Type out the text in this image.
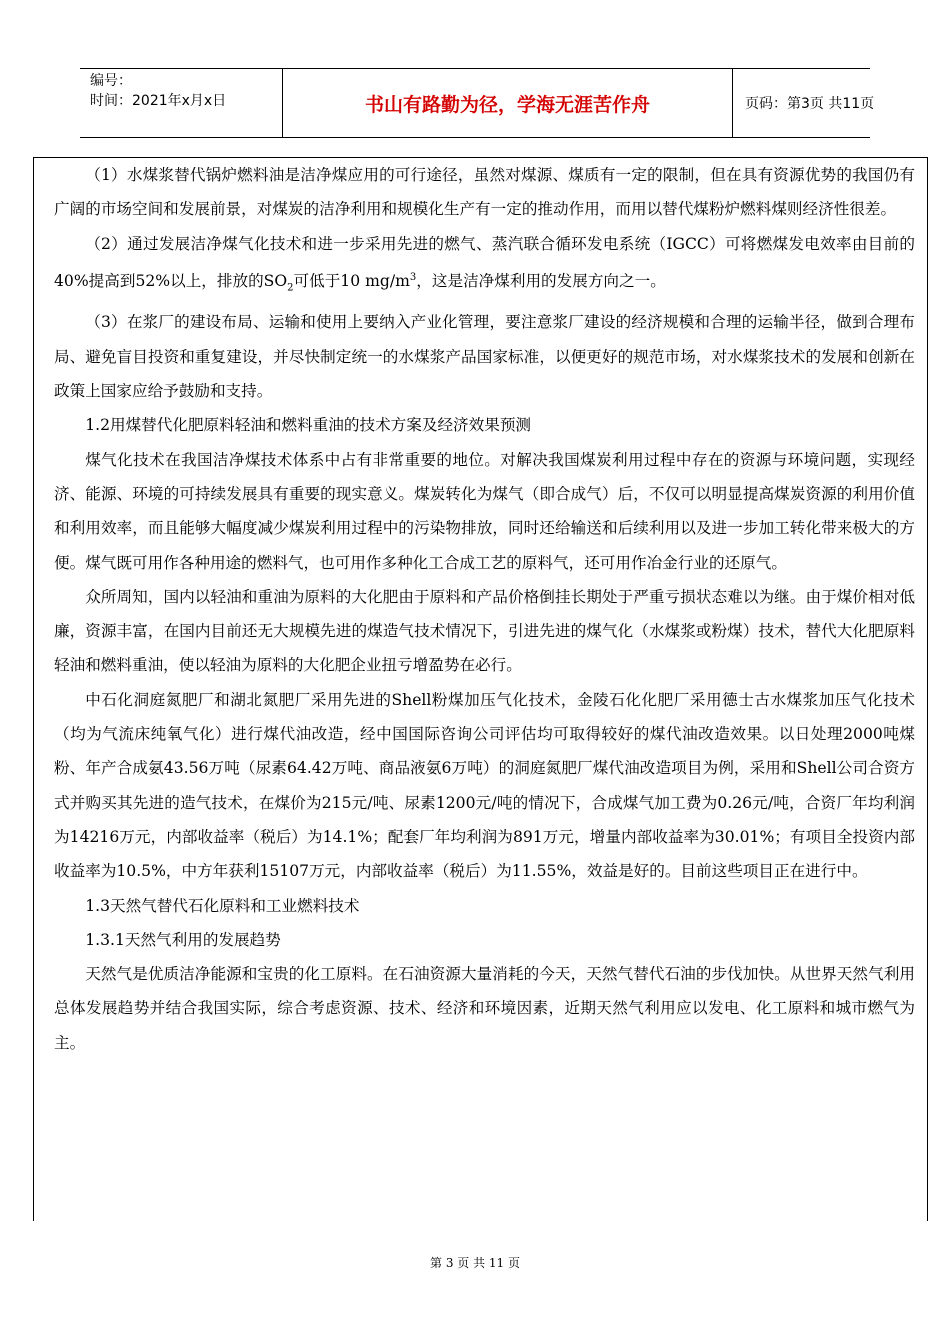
编号：
时间：2021年x月x日	书山有路勤为径，学海无涯苦作舟	页码：第3页 共11页

（1）水煤浆替代锅炉燃料油是洁净煤应用的可行途径，虽然对煤源、煤质有一定的限制，但在具有资源优势的我国仍有广阔的市场空间和发展前景，对煤炭的洁净利用和规模化生产有一定的推动作用，而用以替代煤粉炉燃料煤则经济性很差。

（2）通过发展洁净煤气化技术和进一步采用先进的燃气、蒸汽联合循环发电系统（IGCC）可将燃煤发电效率由目前的40%提高到52%以上，排放的$SO_2$可低于10 $mg/m^3$，这是洁净煤利用的发展方向之一。

（3）在浆厂的建设布局、运输和使用上要纳入产业化管理，要注意浆厂建设的经济规模和合理的运输半径，做到合理布局、避免盲目投资和重复建设，并尽快制定统一的水煤浆产品国家标准，以便更好的规范市场，对水煤浆技术的发展和创新在政策上国家应给予鼓励和支持。

1.2用煤替代化肥原料轻油和燃料重油的技术方案及经济效果预测

煤气化技术在我国洁净煤技术体系中占有非常重要的地位。对解决我国煤炭利用过程中存在的资源与环境问题，实现经济、能源、环境的可持续发展具有重要的现实意义。煤炭转化为煤气（即合成气）后，不仅可以明显提高煤炭资源的利用价值和利用效率，而且能够大幅度减少煤炭利用过程中的污染物排放，同时还给输送和后续利用以及进一步加工转化带来极大的方便。煤气既可用作各种用途的燃料气，也可用作多种化工合成工艺的原料气，还可用作冶金行业的还原气。

众所周知，国内以轻油和重油为原料的大化肥由于原料和产品价格倒挂长期处于严重亏损状态难以为继。由于煤价相对低廉，资源丰富，在国内目前还无大规模先进的煤造气技术情况下，引进先进的煤气化（水煤浆或粉煤）技术，替代大化肥原料轻油和燃料重油，使以轻油为原料的大化肥企业扭亏增盈势在必行。

中石化洞庭氮肥厂和湖北氮肥厂采用先进的Shell粉煤加压气化技术，金陵石化化肥厂采用德士古水煤浆加压气化技术（均为气流床纯氧气化）进行煤代油改造，经中国国际咨询公司评估均可取得较好的煤代油改造效果。以日处理2000吨煤粉、年产合成氨43.56万吨（尿素64.42万吨、商品液氨6万吨）的洞庭氮肥厂煤代油改造项目为例，采用和Shell公司合资方式并购买其先进的造气技术，在煤价为215元/吨、尿素1200元/吨的情况下，合成煤气加工费为0.26元/吨，合资厂年均利润为14216万元，内部收益率（税后）为14.1%；配套厂年均利润为891万元，增量内部收益率为30.01%；有项目全投资内部收益率为10.5%，中方年获利15107万元，内部收益率（税后）为11.55%，效益是好的。目前这些项目正在进行中。

1.3天然气替代石化原料和工业燃料技术

1.3.1天然气利用的发展趋势

天然气是优质洁净能源和宝贵的化工原料。在石油资源大量消耗的今天，天然气替代石油的步伐加快。从世界天然气利用总体发展趋势并结合我国实际，综合考虑资源、技术、经济和环境因素，近期天然气利用应以发电、化工原料和城市燃气为主。

第 3 页 共 11 页
